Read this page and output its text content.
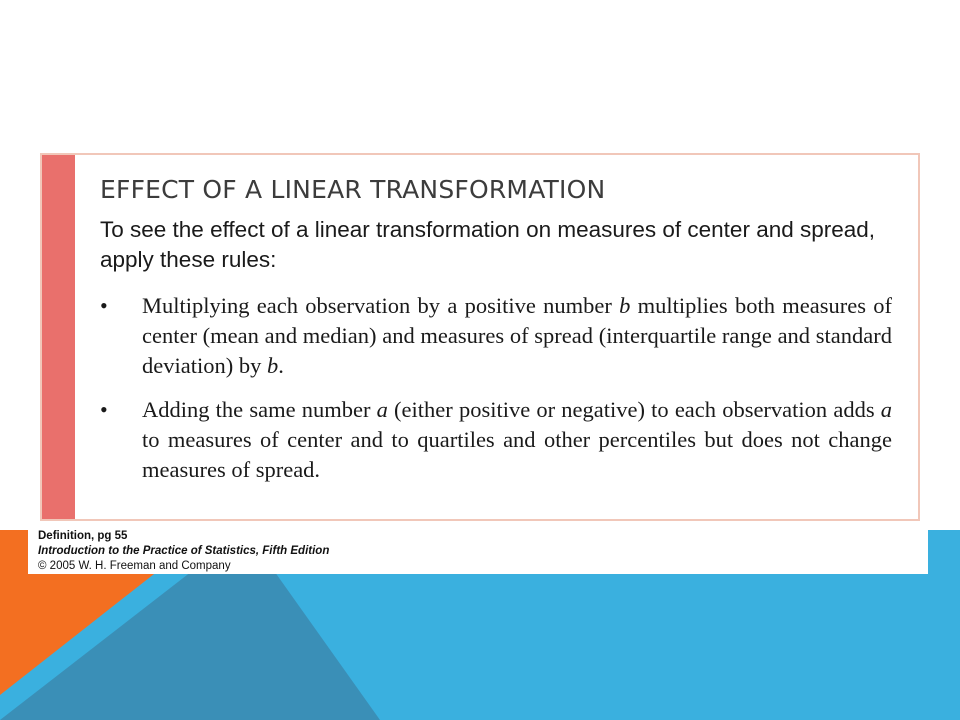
EFFECT OF A LINEAR TRANSFORMATION
To see the effect of a linear transformation on measures of center and spread, apply these rules:
• Multiplying each observation by a positive number b multiplies both measures of center (mean and median) and measures of spread (interquartile range and standard deviation) by b.
• Adding the same number a (either positive or negative) to each observation adds a to measures of center and to quartiles and other percentiles but does not change measures of spread.
Definition, pg 55
Introduction to the Practice of Statistics, Fifth Edition
© 2005 W. H. Freeman and Company
